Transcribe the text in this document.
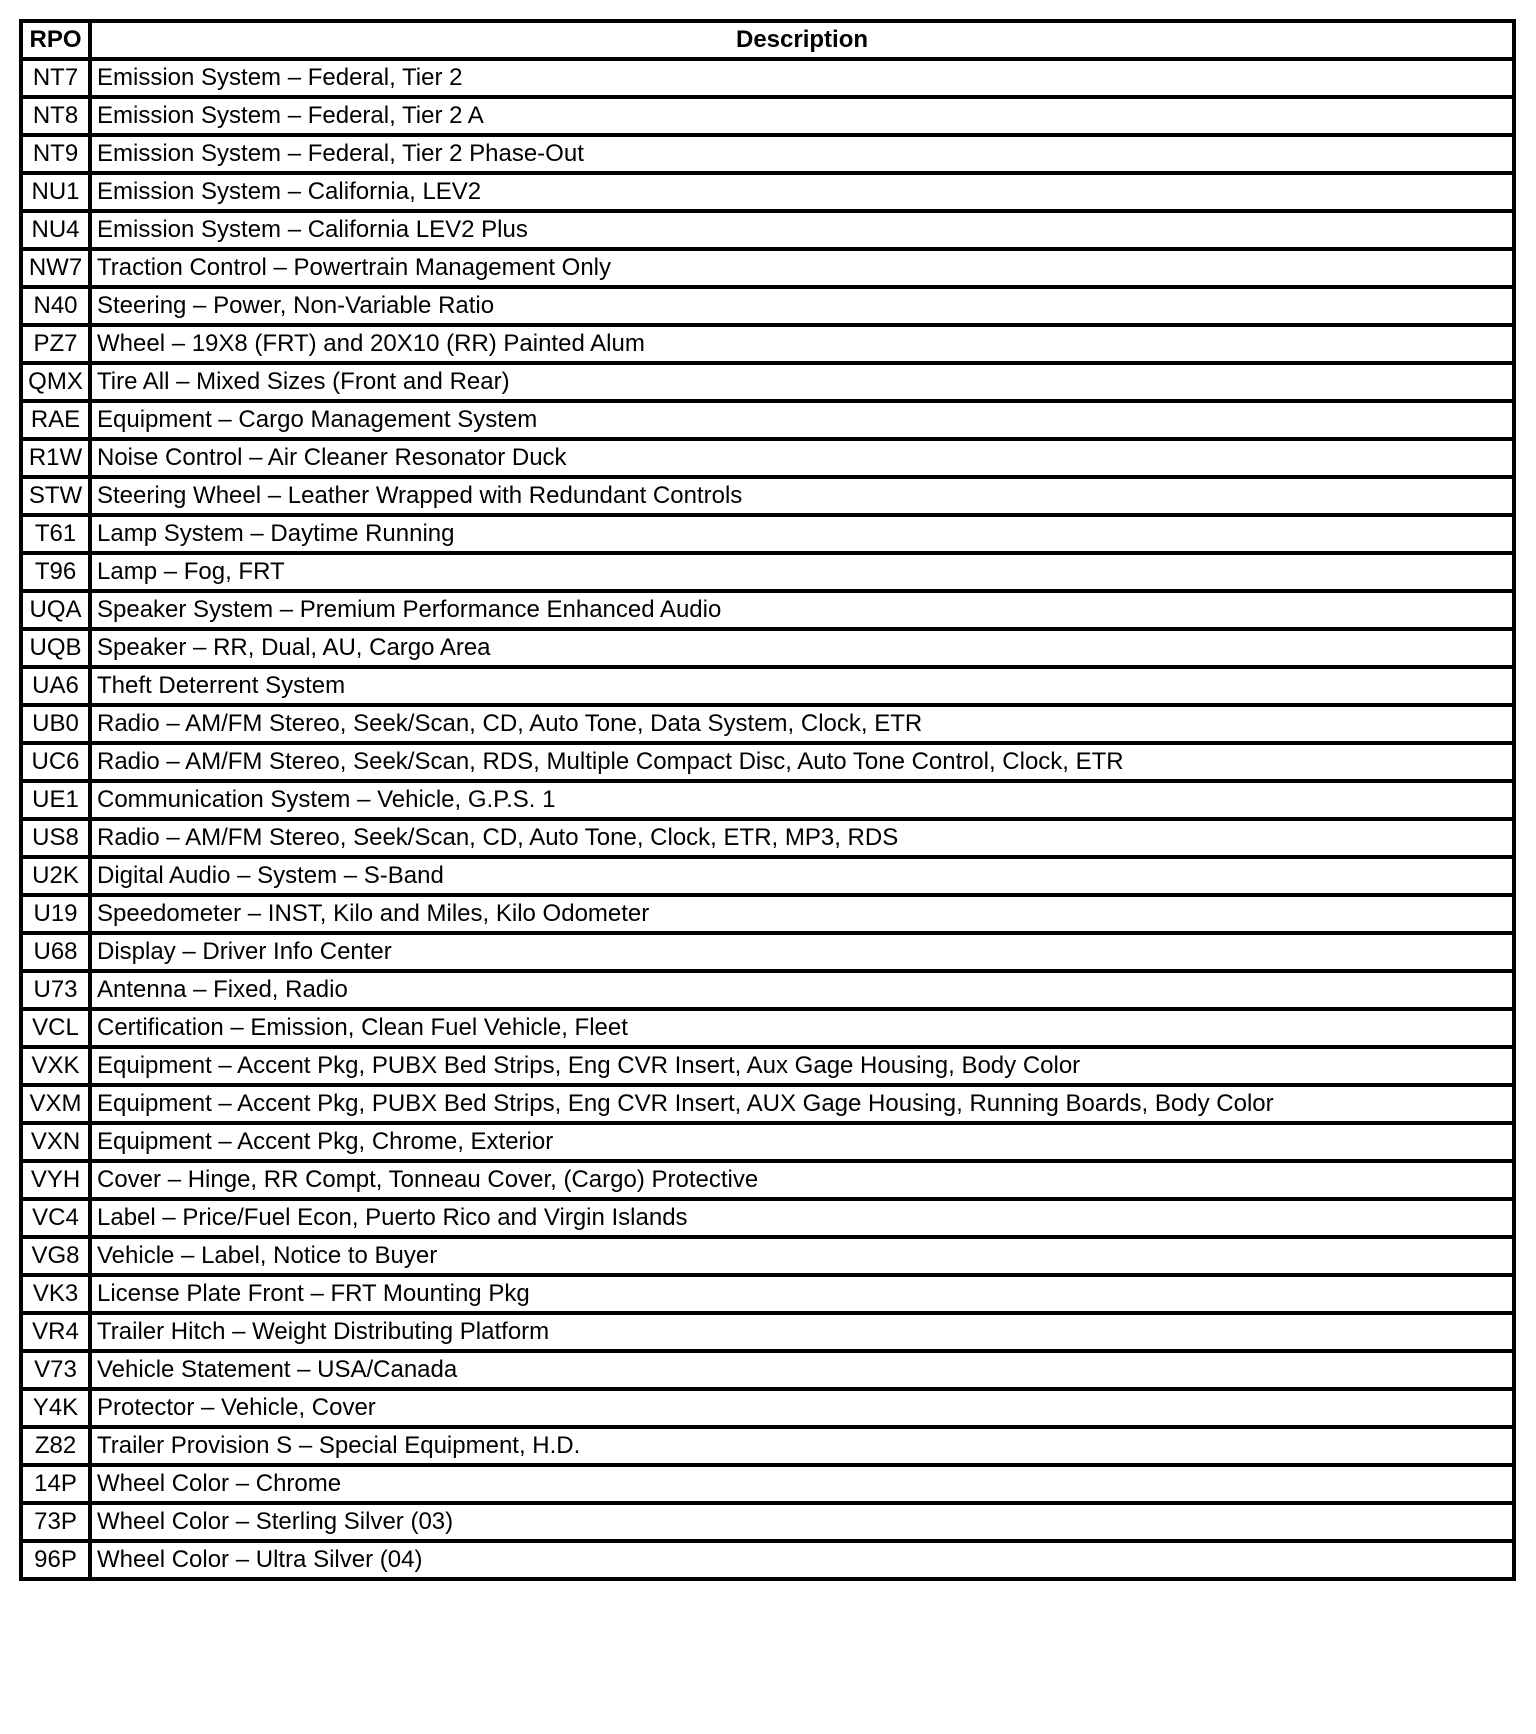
RPO	Description
NT7	Emission System – Federal, Tier 2
NT8	Emission System – Federal, Tier 2 A
NT9	Emission System – Federal, Tier 2 Phase-Out
NU1	Emission System – California, LEV2
NU4	Emission System – California LEV2 Plus
NW7	Traction Control – Powertrain Management Only
N40	Steering – Power, Non-Variable Ratio
PZ7	Wheel – 19X8 (FRT) and 20X10 (RR) Painted Alum
QMX	Tire All – Mixed Sizes (Front and Rear)
RAE	Equipment – Cargo Management System
R1W	Noise Control – Air Cleaner Resonator Duck
STW	Steering Wheel – Leather Wrapped with Redundant Controls
T61	Lamp System – Daytime Running
T96	Lamp – Fog, FRT
UQA	Speaker System – Premium Performance Enhanced Audio
UQB	Speaker – RR, Dual, AU, Cargo Area
UA6	Theft Deterrent System
UB0	Radio – AM/FM Stereo, Seek/Scan, CD, Auto Tone, Data System, Clock, ETR
UC6	Radio – AM/FM Stereo, Seek/Scan, RDS, Multiple Compact Disc, Auto Tone Control, Clock, ETR
UE1	Communication System – Vehicle, G.P.S. 1
US8	Radio – AM/FM Stereo, Seek/Scan, CD, Auto Tone, Clock, ETR, MP3, RDS
U2K	Digital Audio – System – S-Band
U19	Speedometer – INST, Kilo and Miles, Kilo Odometer
U68	Display – Driver Info Center
U73	Antenna – Fixed, Radio
VCL	Certification – Emission, Clean Fuel Vehicle, Fleet
VXK	Equipment – Accent Pkg, PUBX Bed Strips, Eng CVR Insert, Aux Gage Housing, Body Color
VXM	Equipment – Accent Pkg, PUBX Bed Strips, Eng CVR Insert, AUX Gage Housing, Running Boards, Body Color
VXN	Equipment – Accent Pkg, Chrome, Exterior
VYH	Cover – Hinge, RR Compt, Tonneau Cover, (Cargo) Protective
VC4	Label – Price/Fuel Econ, Puerto Rico and Virgin Islands
VG8	Vehicle – Label, Notice to Buyer
VK3	License Plate Front – FRT Mounting Pkg
VR4	Trailer Hitch – Weight Distributing Platform
V73	Vehicle Statement – USA/Canada
Y4K	Protector – Vehicle, Cover
Z82	Trailer Provision S – Special Equipment, H.D.
14P	Wheel Color – Chrome
73P	Wheel Color – Sterling Silver (03)
96P	Wheel Color – Ultra Silver (04)
